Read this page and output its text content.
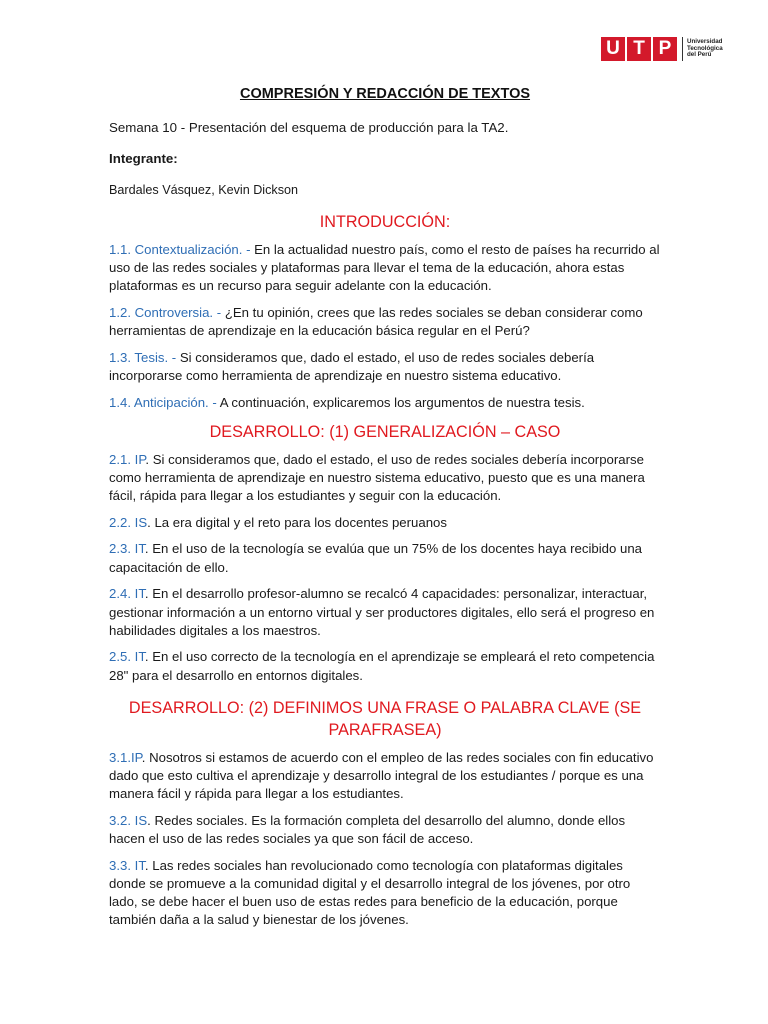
U T P	Universidad
Tecnológica
del Perú
COMPRESIÓN Y REDACCIÓN DE TEXTOS
Semana 10 - Presentación del esquema de producción para la TA2.
Integrante:
Bardales Vásquez, Kevin Dickson
INTRODUCCIÓN:

1.1. Contextualización. - En la actualidad nuestro país, como el resto de países ha recurrido al uso de las redes sociales y plataformas para llevar el tema de la educación, ahora estas plataformas es un recurso para seguir adelante con la educación.

1.2. Controversia. - ¿En tu opinión, crees que las redes sociales se deban considerar como herramientas de aprendizaje en la educación básica regular en el Perú?

1.3. Tesis. - Si consideramos que, dado el estado, el uso de redes sociales debería incorporarse como herramienta de aprendizaje en nuestro sistema educativo.

1.4. Anticipación. - A continuación, explicaremos los argumentos de nuestra tesis.

DESARROLLO: (1) GENERALIZACIÓN – CASO

2.1. IP. Si consideramos que, dado el estado, el uso de redes sociales debería incorporarse como herramienta de aprendizaje en nuestro sistema educativo, puesto que es una manera fácil, rápida para llegar a los estudiantes y seguir con la educación.

2.2. IS. La era digital y el reto para los docentes peruanos

2.3. IT. En el uso de la tecnología se evalúa que un 75% de los docentes haya recibido una capacitación de ello.

2.4. IT. En el desarrollo profesor-alumno se recalcó 4 capacidades: personalizar, interactuar, gestionar información a un entorno virtual y ser productores digitales, ello será el progreso en habilidades digitales a los maestros.

2.5. IT. En el uso correcto de la tecnología en el aprendizaje se empleará el reto competencia 28" para el desarrollo en entornos digitales.

DESARROLLO: (2) DEFINIMOS UNA FRASE O PALABRA CLAVE (SE PARAFRASEA)

3.1.IP. Nosotros si estamos de acuerdo con el empleo de las redes sociales con fin educativo dado que esto cultiva el aprendizaje y desarrollo integral de los estudiantes / porque es una manera fácil y rápida para llegar a los estudiantes.

3.2. IS. Redes sociales. Es la formación completa del desarrollo del alumno, donde ellos hacen el uso de las redes sociales ya que son fácil de acceso.

3.3. IT. Las redes sociales han revolucionado como tecnología con plataformas digitales donde se promueve a la comunidad digital y el desarrollo integral de los jóvenes, por otro lado, se debe hacer el buen uso de estas redes para beneficio de la educación, porque también daña a la salud y bienestar de los jóvenes.
